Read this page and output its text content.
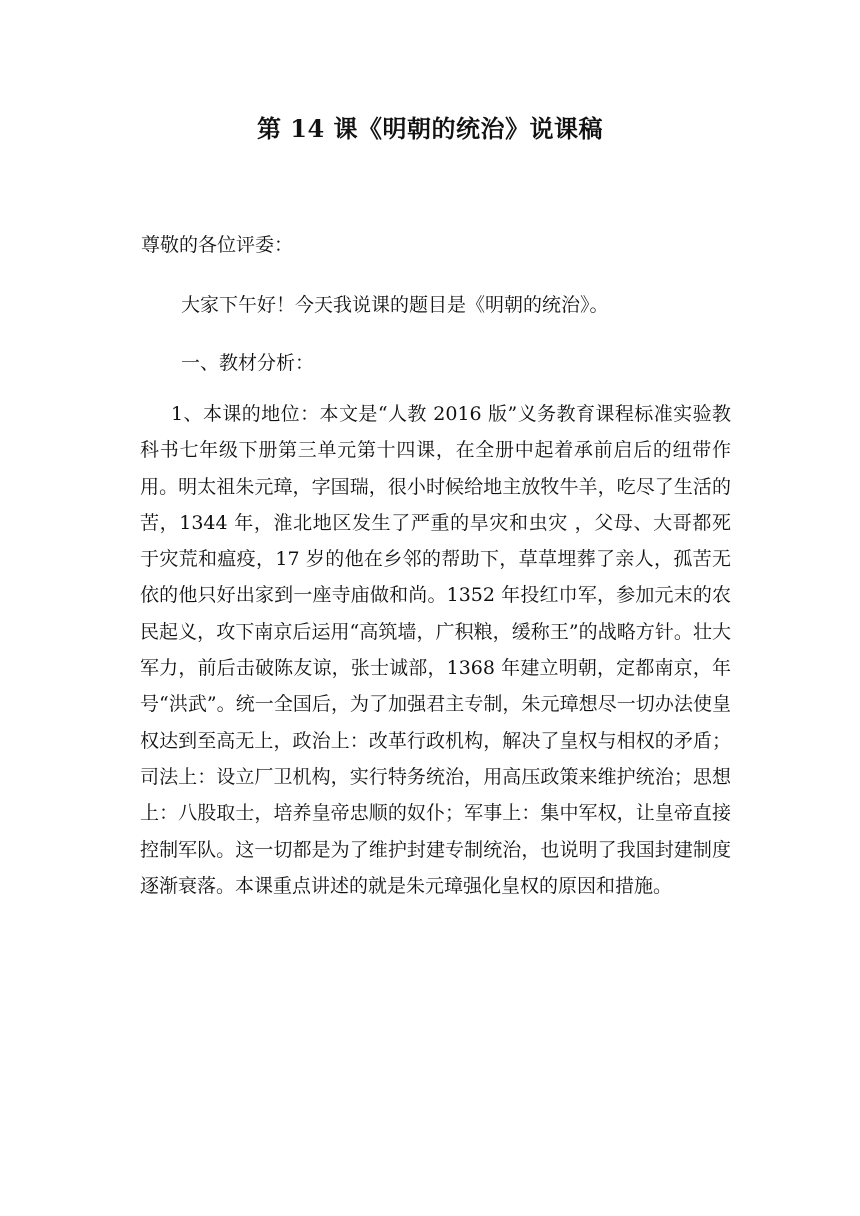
第 14 课《明朝的统治》说课稿
尊敬的各位评委：
大家下午好！今天我说课的题目是《明朝的统治》。
一、教材分析：
1、本课的地位：本文是“人教 2016 版”义务教育课程标准实验教科书七年级下册第三单元第十四课，在全册中起着承前启后的纽带作用。明太祖朱元璋，字国瑞，很小时候给地主放牧牛羊，吃尽了生活的苦，1344 年，淮北地区发生了严重的旱灾和虫灾 ，父母、大哥都死于灾荒和瘟疫，17 岁的他在乡邻的帮助下，草草埋葬了亲人，孤苦无依的他只好出家到一座寺庙做和尚。1352 年投红巾军，参加元末的农民起义，攻下南京后运用“高筑墙，广积粮，缓称王”的战略方针。壮大军力，前后击破陈友谅，张士诚部，1368 年建立明朝，定都南京，年号“洪武”。统一全国后，为了加强君主专制，朱元璋想尽一切办法使皇权达到至高无上，政治上：改革行政机构，解决了皇权与相权的矛盾；司法上：设立厂卫机构，实行特务统治，用高压政策来维护统治；思想上：八股取士，培养皇帝忠顺的奴仆；军事上：集中军权，让皇帝直接控制军队。这一切都是为了维护封建专制统治，也说明了我国封建制度逐渐衰落。本课重点讲述的就是朱元璋强化皇权的原因和措施。
